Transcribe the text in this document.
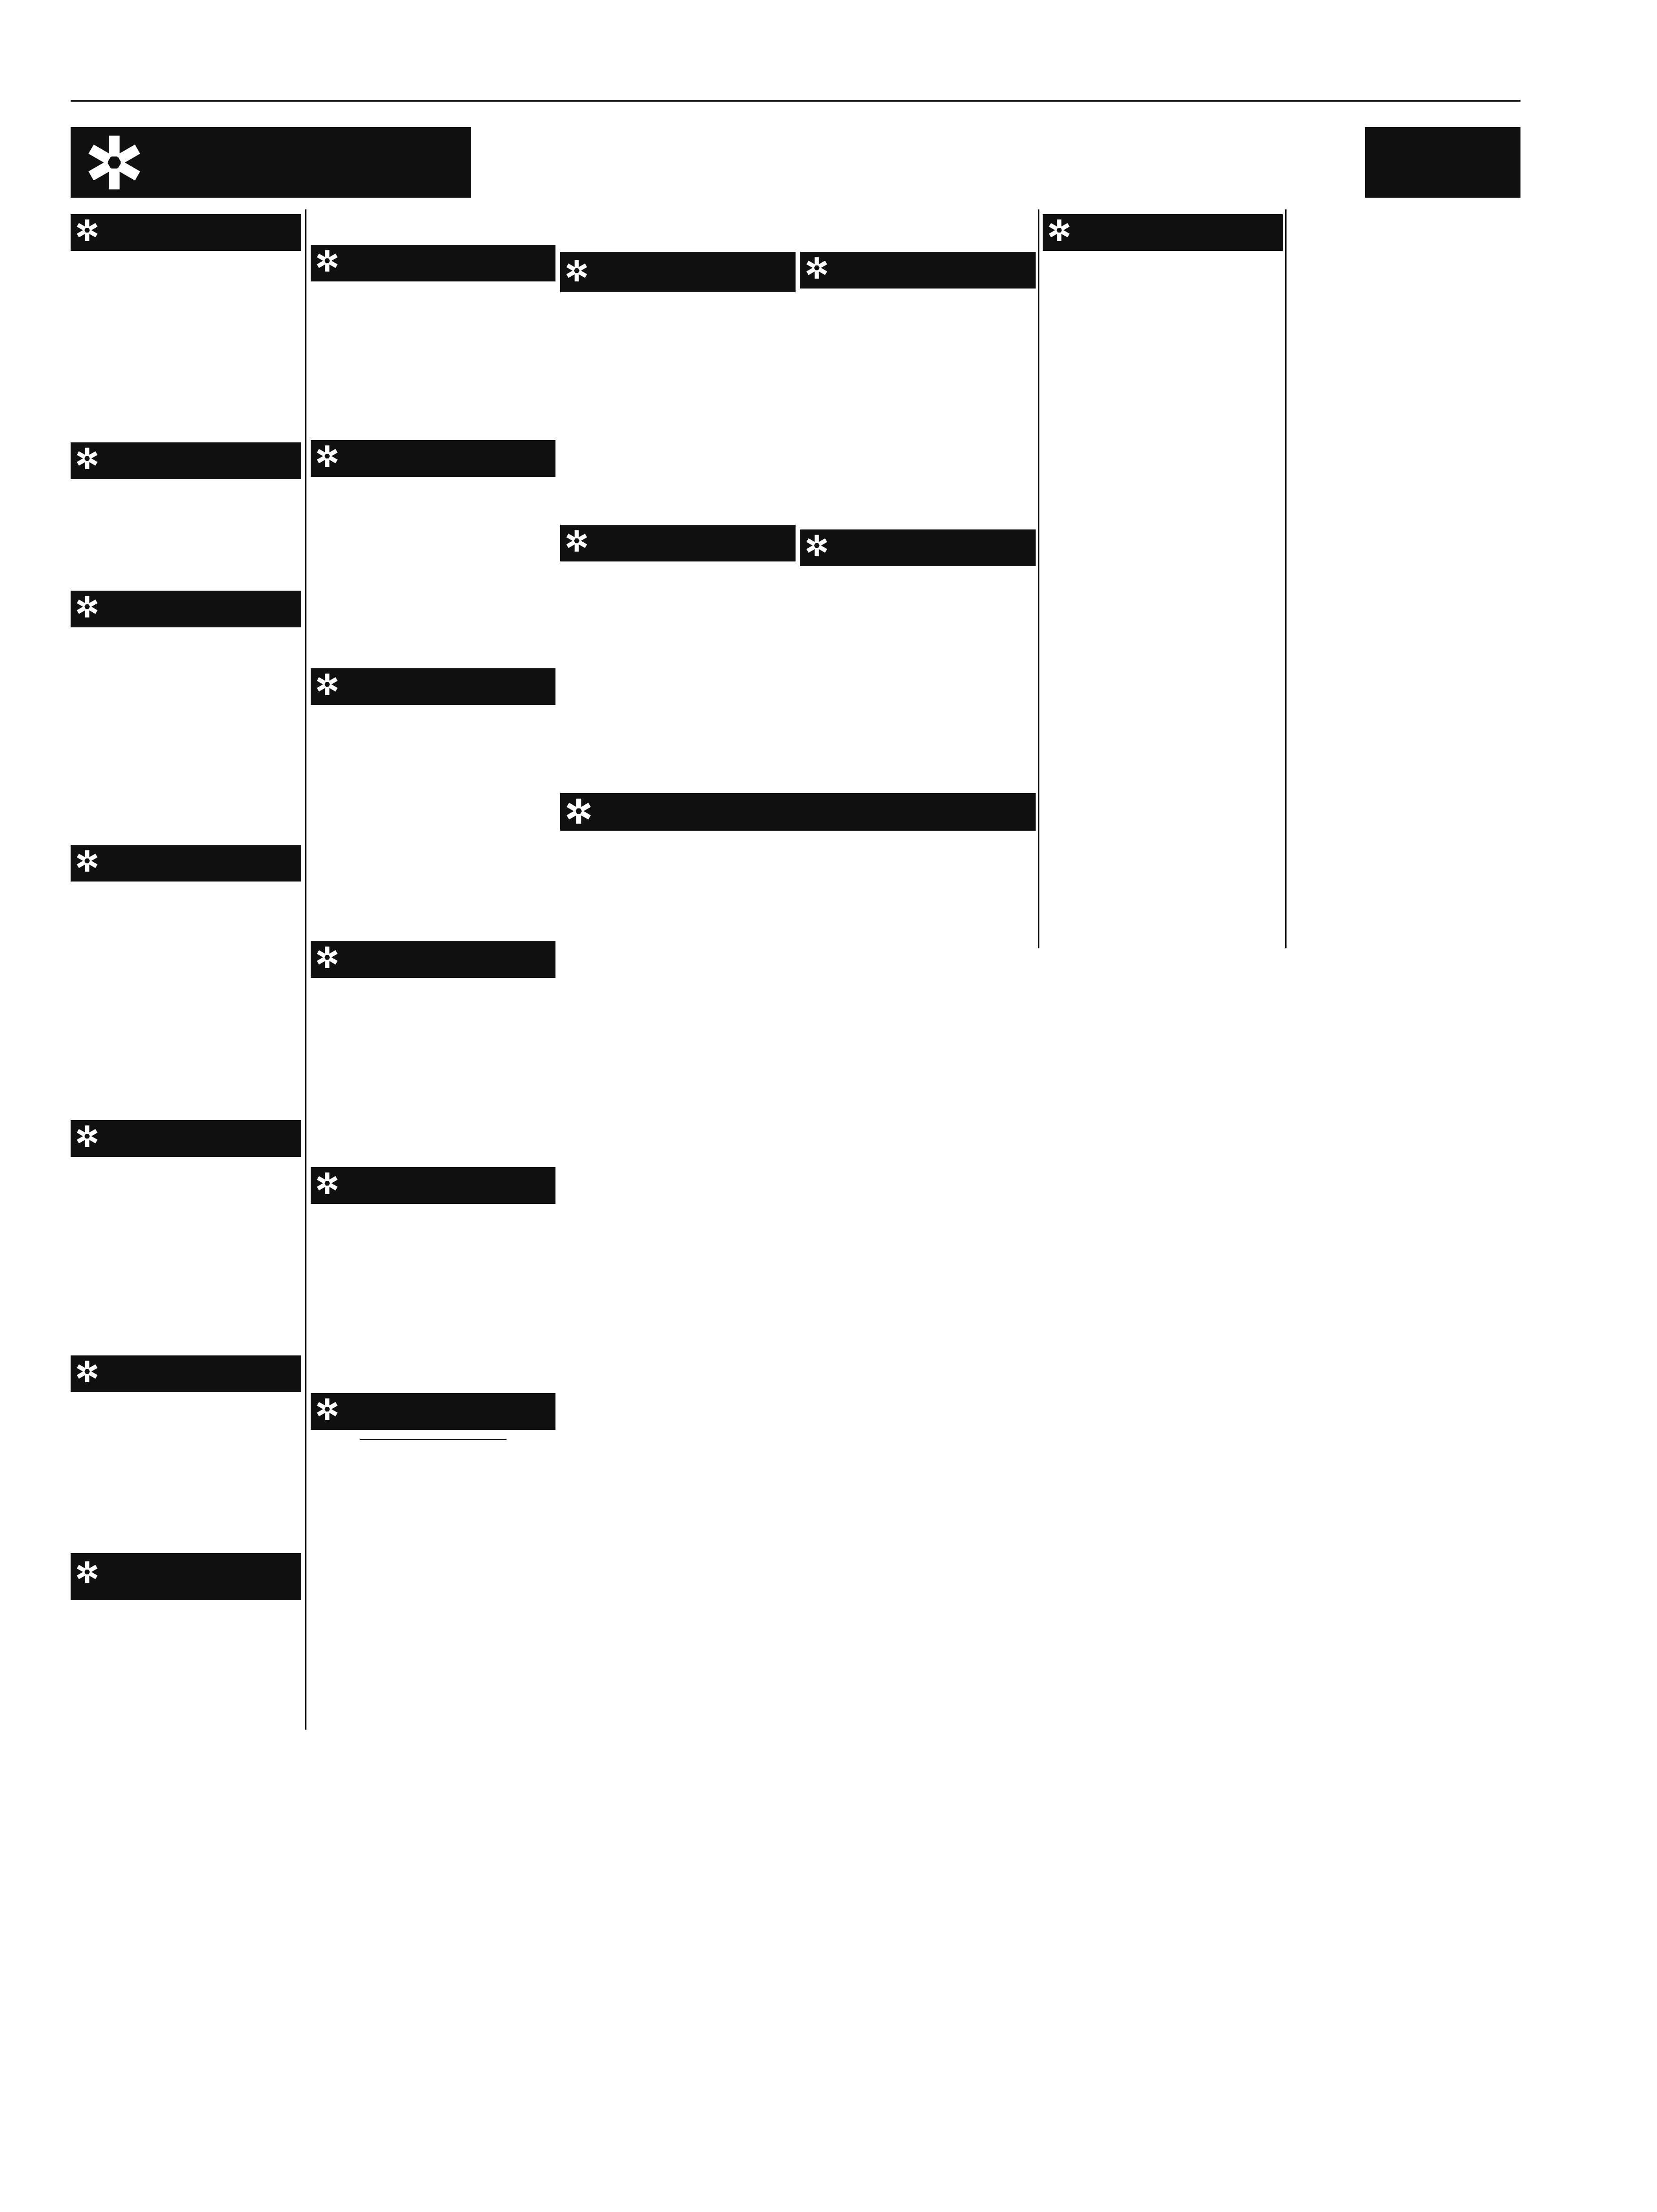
✲
✲

✲

✲

✲

✲

✲

✲

✲

✲

✲

✲

✲

✲

✲

✲

✲

✲

✲

✲
